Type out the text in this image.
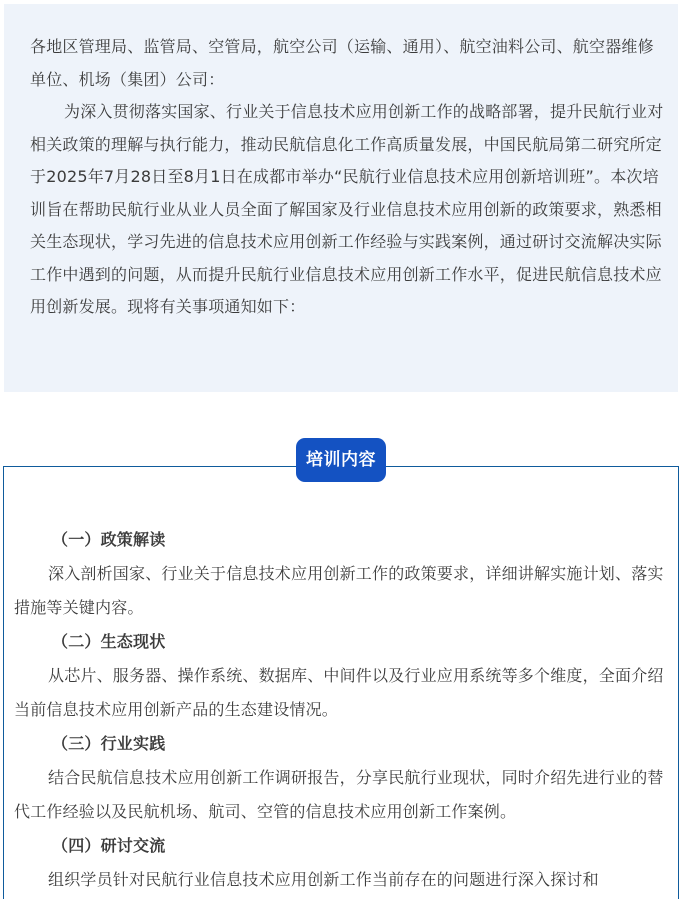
各地区管理局、监管局、空管局，航空公司（运输、通用）、航空油料公司、航空器维修单位、机场（集团）公司：

为深入贯彻落实国家、行业关于信息技术应用创新工作的战略部署，提升民航行业对相关政策的理解与执行能力，推动民航信息化工作高质量发展，中国民航局第二研究所定于2025年7月28日至8月1日在成都市举办“民航行业信息技术应用创新培训班”。本次培训旨在帮助民航行业从业人员全面了解国家及行业信息技术应用创新的政策要求，熟悉相关生态现状，学习先进的信息技术应用创新工作经验与实践案例，通过研讨交流解决实际工作中遇到的问题，从而提升民航行业信息技术应用创新工作水平，促进民航信息技术应用创新发展。现将有关事项通知如下：

培训内容

（一）政策解读

深入剖析国家、行业关于信息技术应用创新工作的政策要求，详细讲解实施计划、落实措施等关键内容。

（二）生态现状

从芯片、服务器、操作系统、数据库、中间件以及行业应用系统等多个维度，全面介绍当前信息技术应用创新产品的生态建设情况。

（三）行业实践

结合民航信息技术应用创新工作调研报告，分享民航行业现状，同时介绍先进行业的替代工作经验以及民航机场、航司、空管的信息技术应用创新工作案例。

（四）研讨交流

组织学员针对民航行业信息技术应用创新工作当前存在的问题进行深入探讨和
